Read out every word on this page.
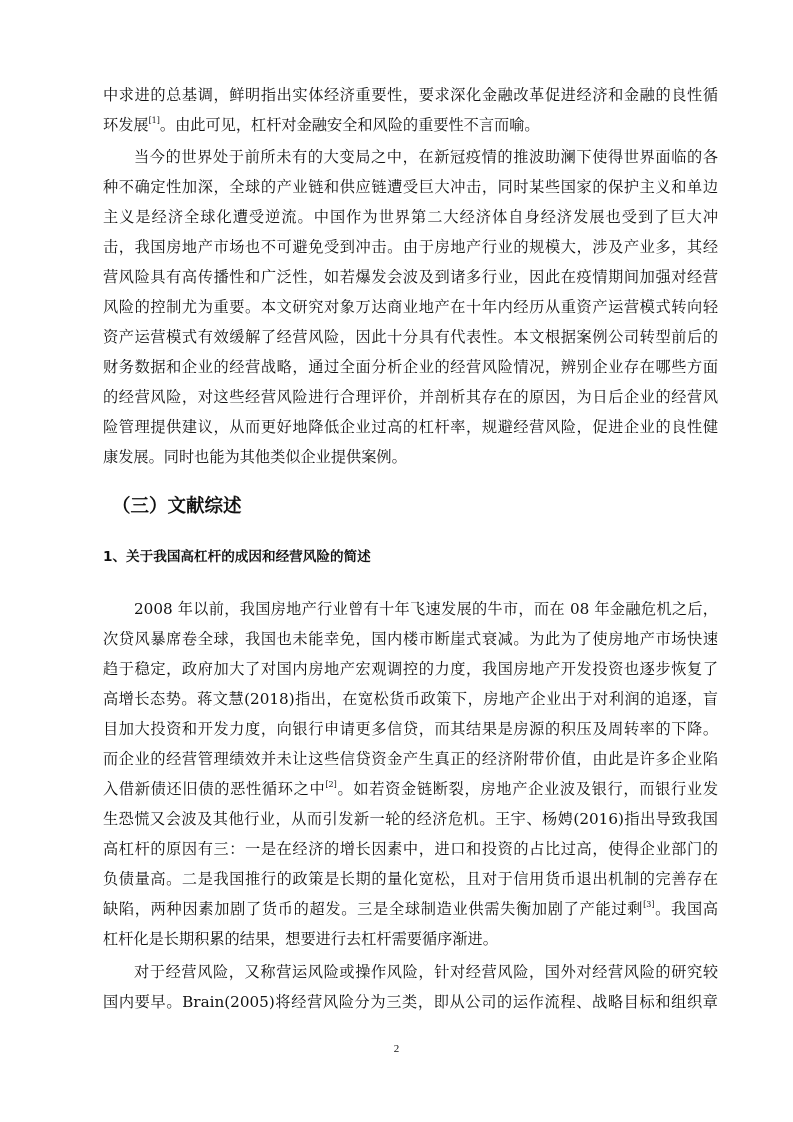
中求进的总基调，鲜明指出实体经济重要性，要求深化金融改革促进经济和金融的良性循
环发展[1]。由此可见，杠杆对金融安全和风险的重要性不言而喻。
当今的世界处于前所未有的大变局之中，在新冠疫情的推波助澜下使得世界面临的各
种不确定性加深，全球的产业链和供应链遭受巨大冲击，同时某些国家的保护主义和单边
主义是经济全球化遭受逆流。中国作为世界第二大经济体自身经济发展也受到了巨大冲
击，我国房地产市场也不可避免受到冲击。由于房地产行业的规模大，涉及产业多，其经
营风险具有高传播性和广泛性，如若爆发会波及到诸多行业，因此在疫情期间加强对经营
风险的控制尤为重要。本文研究对象万达商业地产在十年内经历从重资产运营模式转向轻
资产运营模式有效缓解了经营风险，因此十分具有代表性。本文根据案例公司转型前后的
财务数据和企业的经营战略，通过全面分析企业的经营风险情况，辨别企业存在哪些方面
的经营风险，对这些经营风险进行合理评价，并剖析其存在的原因，为日后企业的经营风
险管理提供建议，从而更好地降低企业过高的杠杆率，规避经营风险，促进企业的良性健
康发展。同时也能为其他类似企业提供案例。
（三）文献综述
1、关于我国高杠杆的成因和经营风险的简述
2008 年以前，我国房地产行业曾有十年飞速发展的牛市，而在 08 年金融危机之后，
次贷风暴席卷全球，我国也未能幸免，国内楼市断崖式衰减。为此为了使房地产市场快速
趋于稳定，政府加大了对国内房地产宏观调控的力度，我国房地产开发投资也逐步恢复了
高增长态势。蒋文慧(2018)指出，在宽松货币政策下，房地产企业出于对利润的追逐，盲
目加大投资和开发力度，向银行申请更多信贷，而其结果是房源的积压及周转率的下降。
而企业的经营管理绩效并未让这些信贷资金产生真正的经济附带价值，由此是许多企业陷
入借新债还旧债的恶性循环之中[2]。如若资金链断裂，房地产企业波及银行，而银行业发
生恐慌又会波及其他行业，从而引发新一轮的经济危机。王宇、杨娉(2016)指出导致我国
高杠杆的原因有三：一是在经济的增长因素中，进口和投资的占比过高，使得企业部门的
负债量高。二是我国推行的政策是长期的量化宽松，且对于信用货币退出机制的完善存在
缺陷，两种因素加剧了货币的超发。三是全球制造业供需失衡加剧了产能过剩[3]。我国高
杠杆化是长期积累的结果，想要进行去杠杆需要循序渐进。
对于经营风险，又称营运风险或操作风险，针对经营风险，国外对经营风险的研究较
国内要早。Brain(2005)将经营风险分为三类，即从公司的运作流程、战略目标和组织章
2
